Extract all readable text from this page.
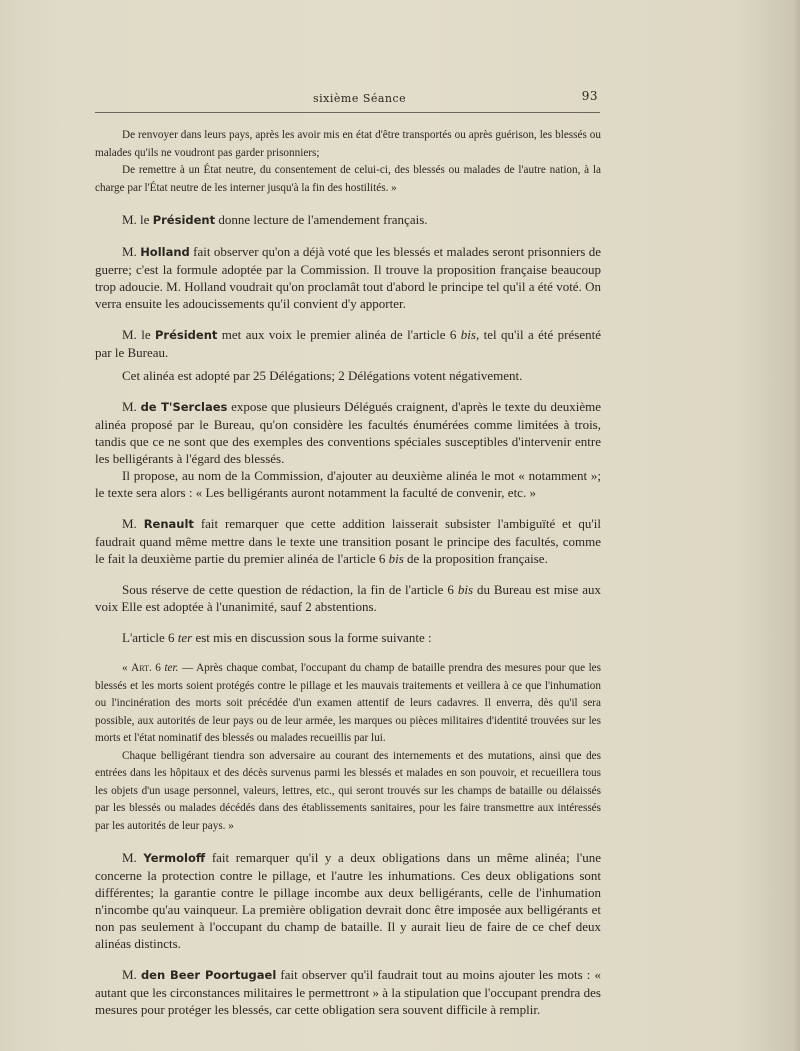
sixième Séance	93

De renvoyer dans leurs pays, après les avoir mis en état d'être transportés ou après guérison, les blessés ou malades qu'ils ne voudront pas garder prisonniers;

De remettre à un État neutre, du consentement de celui-ci, des blessés ou malades de l'autre nation, à la charge par l'État neutre de les interner jusqu'à la fin des hostilités. »

M. le Président donne lecture de l'amendement français.

M. Holland fait observer qu'on a déjà voté que les blessés et malades seront prisonniers de guerre; c'est la formule adoptée par la Commission. Il trouve la proposition française beaucoup trop adoucie. M. Holland voudrait qu'on proclamât tout d'abord le principe tel qu'il a été voté. On verra ensuite les adoucissements qu'il convient d'y apporter.

M. le Président met aux voix le premier alinéa de l'article 6 bis, tel qu'il a été présenté par le Bureau.

Cet alinéa est adopté par 25 Délégations; 2 Délégations votent négativement.

M. de T'Serclaes expose que plusieurs Délégués craignent, d'après le texte du deuxième alinéa proposé par le Bureau, qu'on considère les facultés énumérées comme limitées à trois, tandis que ce ne sont que des exemples des conventions spéciales susceptibles d'intervenir entre les belligérants à l'égard des blessés.

Il propose, au nom de la Commission, d'ajouter au deuxième alinéa le mot « notamment »; le texte sera alors : « Les belligérants auront notamment la faculté de convenir, etc. »

M. Renault fait remarquer que cette addition laisserait subsister l'ambiguïté et qu'il faudrait quand même mettre dans le texte une transition posant le principe des facultés, comme le fait la deuxième partie du premier alinéa de l'article 6 bis de la proposition française.

Sous réserve de cette question de rédaction, la fin de l'article 6 bis du Bureau est mise aux voix Elle est adoptée à l'unanimité, sauf 2 abstentions.

L'article 6 ter est mis en discussion sous la forme suivante :

« Art. 6 ter. — Après chaque combat, l'occupant du champ de bataille prendra des mesures pour que les blessés et les morts soient protégés contre le pillage et les mauvais traitements et veillera à ce que l'inhumation ou l'incinération des morts soit précédée d'un examen attentif de leurs cadavres. Il enverra, dès qu'il sera possible, aux autorités de leur pays ou de leur armée, les marques ou pièces militaires d'identité trouvées sur les morts et l'état nominatif des blessés ou malades recueillis par lui.

Chaque belligérant tiendra son adversaire au courant des internements et des mutations, ainsi que des entrées dans les hôpitaux et des décès survenus parmi les blessés et malades en son pouvoir, et recueillera tous les objets d'un usage personnel, valeurs, lettres, etc., qui seront trouvés sur les champs de bataille ou délaissés par les blessés ou malades décédés dans des établissements sanitaires, pour les faire transmettre aux intéressés par les autorités de leur pays. »

M. Yermoloff fait remarquer qu'il y a deux obligations dans un même alinéa; l'une concerne la protection contre le pillage, et l'autre les inhumations. Ces deux obligations sont différentes; la garantie contre le pillage incombe aux deux belligérants, celle de l'inhumation n'incombe qu'au vainqueur. La première obligation devrait donc être imposée aux belligérants et non pas seulement à l'occupant du champ de bataille. Il y aurait lieu de faire de ce chef deux alinéas distincts.

M. den Beer Poortugael fait observer qu'il faudrait tout au moins ajouter les mots : « autant que les circonstances militaires le permettront » à la stipulation que l'occupant prendra des mesures pour protéger les blessés, car cette obligation sera souvent difficile à remplir.
